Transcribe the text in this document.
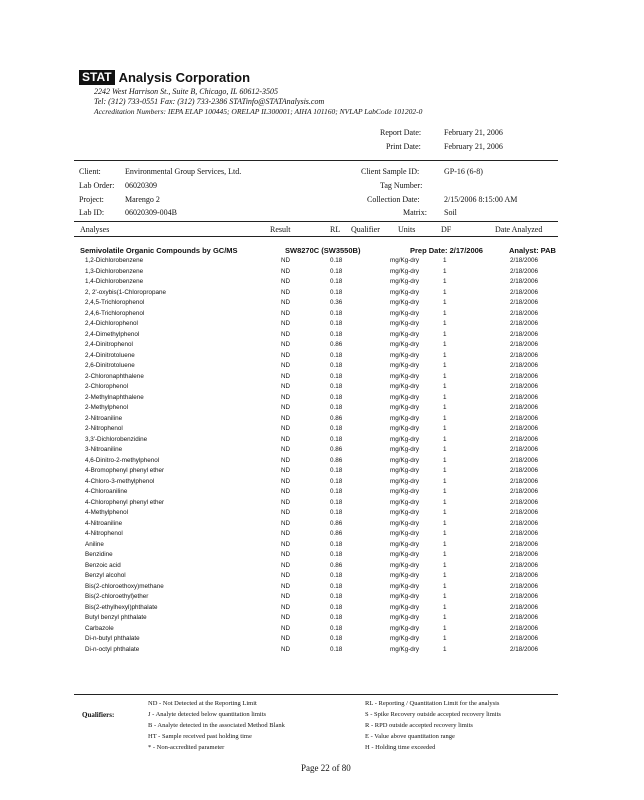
STAT Analysis Corporation
2242 West Harrison St., Suite B, Chicago, IL 60612-3505
Tel: (312) 733-0551 Fax: (312) 733-2386 STATinfo@STATAnalysis.com
Accreditation Numbers: IEPA ELAP 100445; ORELAP IL300001; AIHA 101160; NVLAP LabCode 101202-0
Report Date:	February 21, 2006
Print Date:	February 21, 2006
Client:	Environmental Group Services, Ltd.
Lab Order: 06020309
Project:	Marengo 2
Lab ID:	06020309-004B
Client Sample ID:	GP-16 (6-8)
Tag Number:
Collection Date:	2/15/2006 8:15:00 AM
Matrix: Soil
Analyses	Result	RL Qualifier Units	DF	Date Analyzed
Semivolatile Organic Compounds by GC/MS	SW8270C (SW3550B)	Prep Date: 2/17/2006	Analyst: PAB
1,2-Dichlorobenzene	ND	0.18	mg/Kg-dry	1	2/18/2006
1,3-Dichlorobenzene	ND	0.18	mg/Kg-dry	1	2/18/2006
1,4-Dichlorobenzene	ND	0.18	mg/Kg-dry	1	2/18/2006
2, 2'-oxybis(1-Chloropropane	ND	0.18	mg/Kg-dry	1	2/18/2006
2,4,5-Trichlorophenol	ND	0.36	mg/Kg-dry	1	2/18/2006
2,4,6-Trichlorophenol	ND	0.18	mg/Kg-dry	1	2/18/2006
2,4-Dichlorophenol	ND	0.18	mg/Kg-dry	1	2/18/2006
2,4-Dimethylphenol	ND	0.18	mg/Kg-dry	1	2/18/2006
2,4-Dinitrophenol	ND	0.86	mg/Kg-dry	1	2/18/2006
2,4-Dinitrotoluene	ND	0.18	mg/Kg-dry	1	2/18/2006
2,6-Dinitrotoluene	ND	0.18	mg/Kg-dry	1	2/18/2006
2-Chloronaphthalene	ND	0.18	mg/Kg-dry	1	2/18/2006
2-Chlorophenol	ND	0.18	mg/Kg-dry	1	2/18/2006
2-Methylnaphthalene	ND	0.18	mg/Kg-dry	1	2/18/2006
2-Methylphenol	ND	0.18	mg/Kg-dry	1	2/18/2006
2-Nitroaniline	ND	0.86	mg/Kg-dry	1	2/18/2006
2-Nitrophenol	ND	0.18	mg/Kg-dry	1	2/18/2006
3,3'-Dichlorobenzidine	ND	0.18	mg/Kg-dry	1	2/18/2006
3-Nitroaniline	ND	0.86	mg/Kg-dry	1	2/18/2006
4,6-Dinitro-2-methylphenol	ND	0.86	mg/Kg-dry	1	2/18/2006
4-Bromophenyl phenyl ether	ND	0.18	mg/Kg-dry	1	2/18/2006
4-Chloro-3-methylphenol	ND	0.18	mg/Kg-dry	1	2/18/2006
4-Chloroaniline	ND	0.18	mg/Kg-dry	1	2/18/2006
4-Chlorophenyl phenyl ether	ND	0.18	mg/Kg-dry	1	2/18/2006
4-Methylphenol	ND	0.18	mg/Kg-dry	1	2/18/2006
4-Nitroaniline	ND	0.86	mg/Kg-dry	1	2/18/2006
4-Nitrophenol	ND	0.86	mg/Kg-dry	1	2/18/2006
Aniline	ND	0.18	mg/Kg-dry	1	2/18/2006
Benzidine	ND	0.18	mg/Kg-dry	1	2/18/2006
Benzoic acid	ND	0.86	mg/Kg-dry	1	2/18/2006
Benzyl alcohol	ND	0.18	mg/Kg-dry	1	2/18/2006
Bis(2-chloroethoxy)methane	ND	0.18	mg/Kg-dry	1	2/18/2006
Bis(2-chloroethyl)ether	ND	0.18	mg/Kg-dry	1	2/18/2006
Bis(2-ethylhexyl)phthalate	ND	0.18	mg/Kg-dry	1	2/18/2006
Butyl benzyl phthalate	ND	0.18	mg/Kg-dry	1	2/18/2006
Carbazole	ND	0.18	mg/Kg-dry	1	2/18/2006
Di-n-butyl phthalate	ND	0.18	mg/Kg-dry	1	2/18/2006
Di-n-octyl phthalate	ND	0.18	mg/Kg-dry	1	2/18/2006
Qualifiers:
ND - Not Detected at the Reporting Limit
J - Analyte detected below quantitation limits
B - Analyte detected in the associated Method Blank
HT - Sample received past holding time
* - Non-accredited parameter
RL - Reporting / Quantitation Limit for the analysis
S - Spike Recovery outside accepted recovery limits
R - RPD outside accepted recovery limits
E - Value above quantitation range
H - Holding time exceeded
Page 22 of 80
